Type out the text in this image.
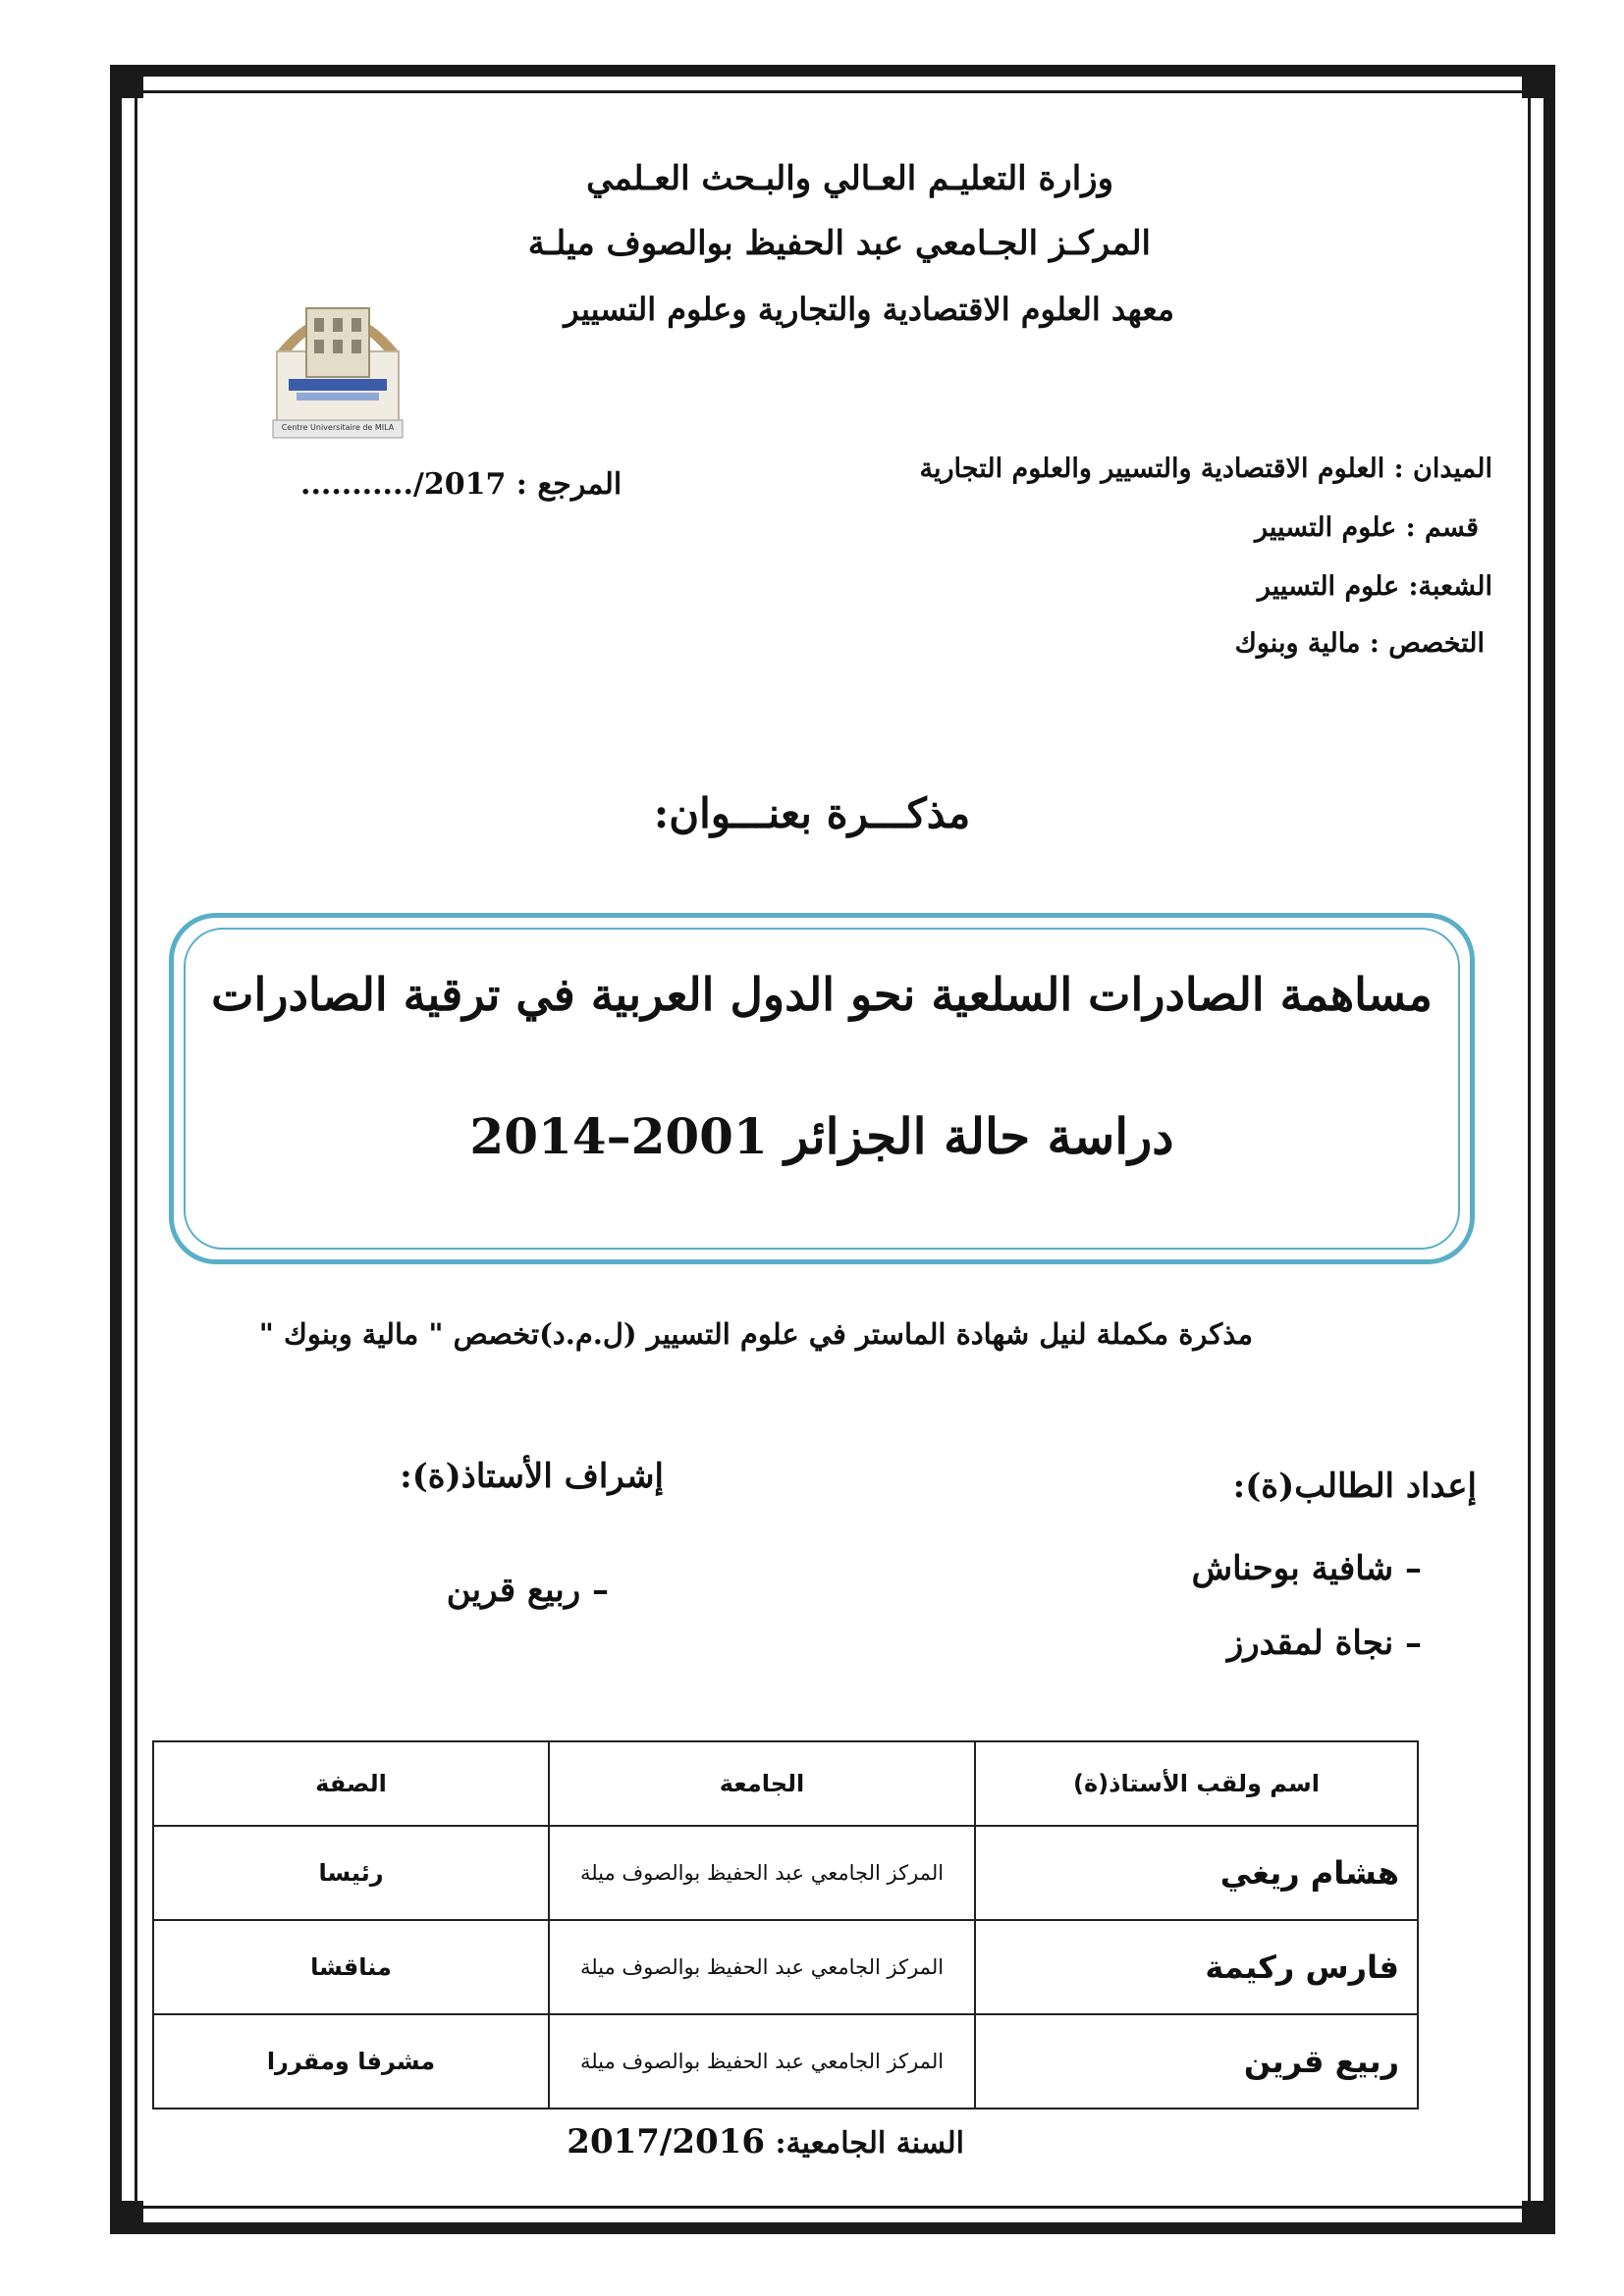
وزارة التعليـم العـالي والبـحث العـلمي
المركـز الجـامعي عبد الحفيظ بوالصوف ميلـة
معهد العلوم الاقتصادية والتجارية وعلوم التسيير
Centre Universitaire de MILA
المرجع : 2017/...........	الميدان : العلوم الاقتصادية والتسيير والعلوم التجارية
قسم : علوم التسيير
الشعبة: علوم التسيير
التخصص : مالية وبنوك
مذكـــرة بعنـــوان:
مساهمة الصادرات السلعية نحو الدول العربية في ترقية الصادرات
دراسة حالة الجزائر 2001–2014
مذكرة مكملة لنيل شهادة الماستر في علوم التسيير (ل.م.د)تخصص " مالية وبنوك "
إعداد الطالب(ة):
– شافية بوحناش
– نجاة لمقدرز
إشراف الأستاذ(ة):
– ربيع قرين
اسم ولقب الأستاذ(ة)	الجامعة	الصفة
هشام ريغي	المركز الجامعي عبد الحفيظ بوالصوف ميلة	رئيسا
فارس ركيمة	المركز الجامعي عبد الحفيظ بوالصوف ميلة	مناقشا
ربيع قرين	المركز الجامعي عبد الحفيظ بوالصوف ميلة	مشرفا ومقررا
السنة الجامعية: 2017/2016
